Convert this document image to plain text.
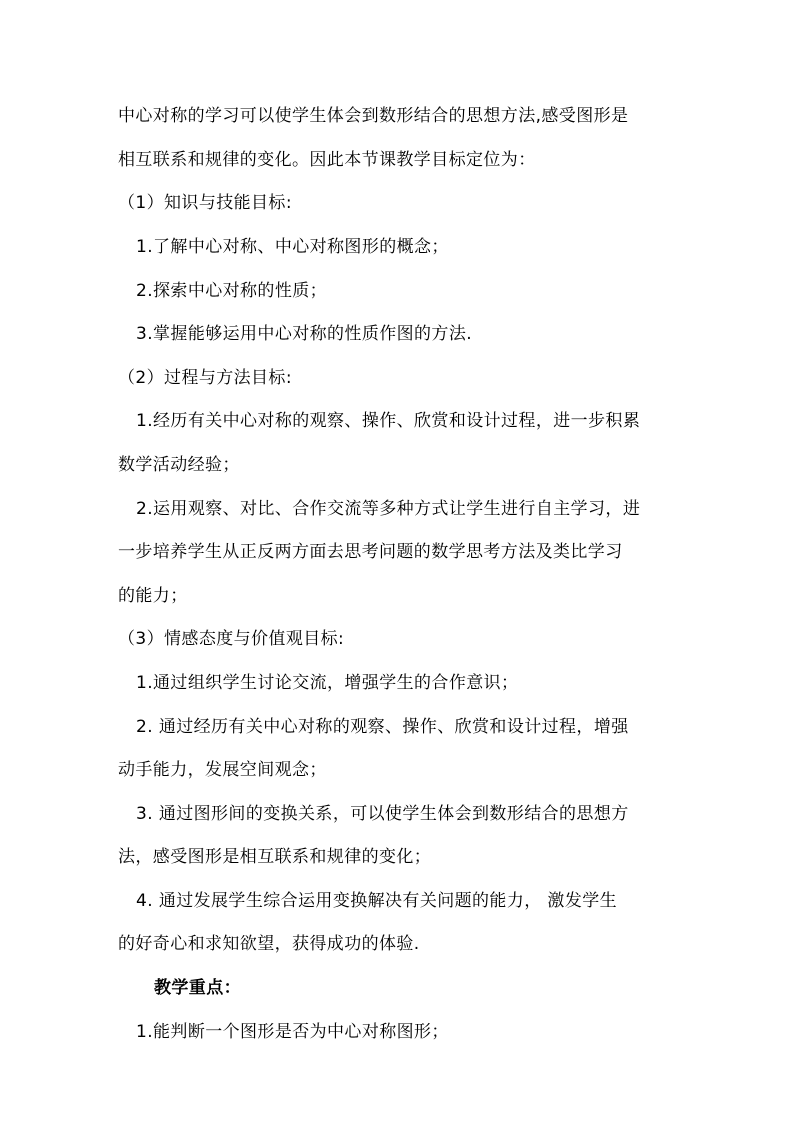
中心对称的学习可以使学生体会到数形结合的思想方法,感受图形是
相互联系和规律的变化。因此本节课教学目标定位为：
（1）知识与技能目标:
1.了解中心对称、中心对称图形的概念；
2.探索中心对称的性质；
3.掌握能够运用中心对称的性质作图的方法.
（2）过程与方法目标:
1.经历有关中心对称的观察、操作、欣赏和设计过程，进一步积累
数学活动经验；
2.运用观察、对比、合作交流等多种方式让学生进行自主学习，进
一步培养学生从正反两方面去思考问题的数学思考方法及类比学习
的能力；
（3）情感态度与价值观目标:
1.通过组织学生讨论交流，增强学生的合作意识；
2. 通过经历有关中心对称的观察、操作、欣赏和设计过程，增强
动手能力，发展空间观念；
3. 通过图形间的变换关系，可以使学生体会到数形结合的思想方
法，感受图形是相互联系和规律的变化；
4. 通过发展学生综合运用变换解决有关问题的能力， 激发学生
的好奇心和求知欲望，获得成功的体验.
教学重点：
1.能判断一个图形是否为中心对称图形；
